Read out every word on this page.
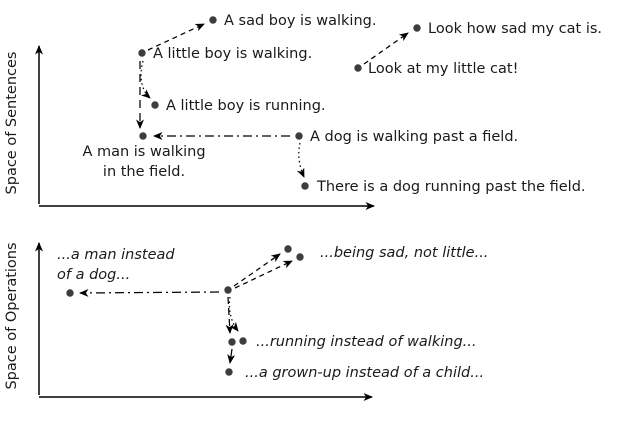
Space of Sentences
A sad boy is walking.
A little boy is walking.
Look how sad my cat is.
Look at my little cat!
A little boy is running.
A man is walking
in the field.
A dog is walking past a field.
There is a dog running past the field.
Space of Operations	...a man instead
of a dog...
...being sad, not little...
...running instead of walking...
...a grown-up instead of a child...
